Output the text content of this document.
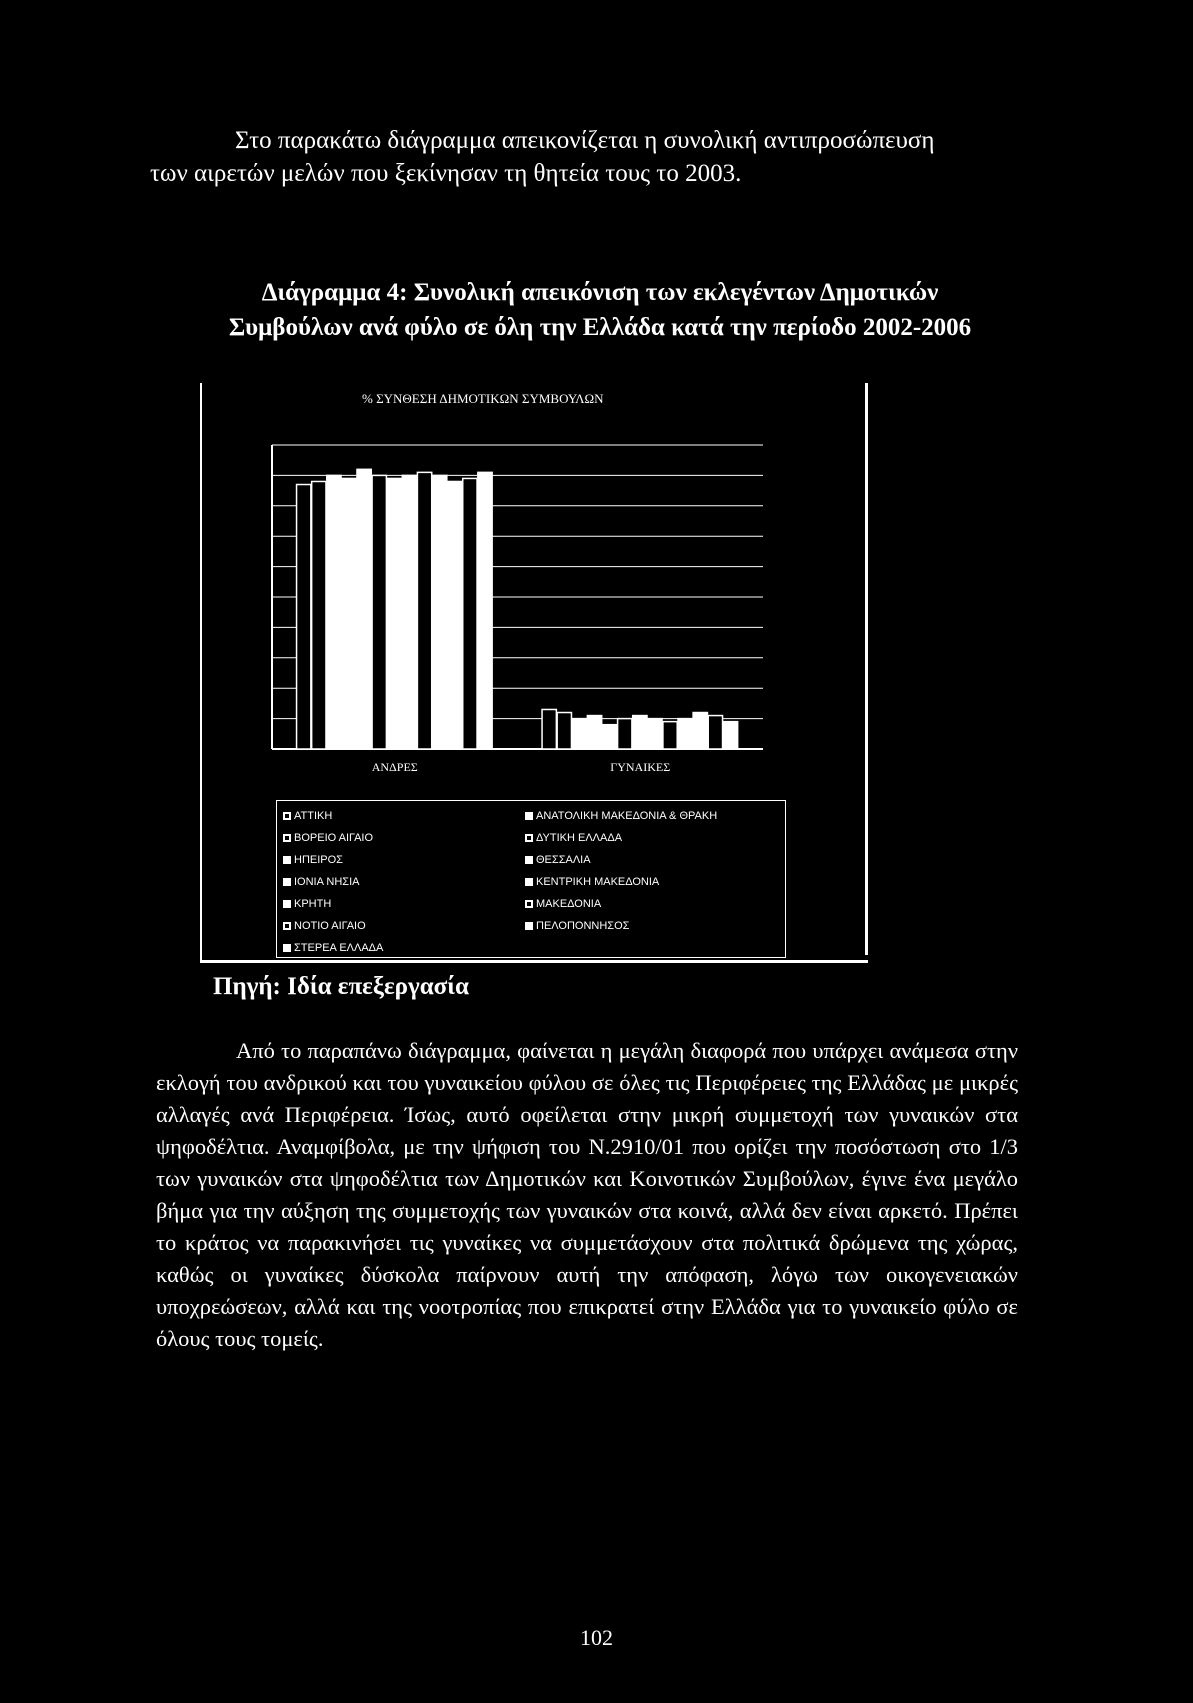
Στο παρακάτω διάγραμμα απεικονίζεται η συνολική αντιπροσώπευση
των αιρετών μελών που ξεκίνησαν τη θητεία τους το 2003.
Διάγραμμα 4: Συνολική απεικόνιση των εκλεγέντων Δημοτικών
Συμβούλων ανά φύλο σε όλη την Ελλάδα κατά την περίοδο 2002-2006
% ΣΥΝΘΕΣΗ ΔΗΜΟΤΙΚΩΝ ΣΥΜΒΟΥΛΩΝ
ΑΝΔΡΕΣ	ΓΥΝΑΙΚΕΣ
ΑΤΤΙΚΗ
ΒΟΡΕΙΟ ΑΙΓΑΙΟ
ΗΠΕΙΡΟΣ
ΙΟΝΙΑ ΝΗΣΙΑ
ΚΡΗΤΗ
ΝΟΤΙΟ ΑΙΓΑΙΟ
ΣΤΕΡΕΑ ΕΛΛΑΔΑ
ΑΝΑΤΟΛΙΚΗ ΜΑΚΕΔΟΝΙΑ & ΘΡΑΚΗ
ΔΥΤΙΚΗ ΕΛΛΑΔΑ
ΘΕΣΣΑΛΙΑ
ΚΕΝΤΡΙΚΗ ΜΑΚΕΔΟΝΙΑ
ΜΑΚΕΔΟΝΙΑ
ΠΕΛΟΠΟΝΝΗΣΟΣ
Πηγή: Ιδία επεξεργασία

Από το παραπάνω διάγραμμα, φαίνεται η μεγάλη διαφορά που υπάρχει ανάμεσα στην εκλογή του ανδρικού και του γυναικείου φύλου σε όλες τις Περιφέρειες της Ελλάδας με μικρές αλλαγές ανά Περιφέρεια. Ίσως, αυτό οφείλεται στην μικρή συμμετοχή των γυναικών στα ψηφοδέλτια. Αναμφίβολα, με την ψήφιση του Ν.2910/01 που ορίζει την ποσόστωση στο 1/3 των γυναικών στα ψηφοδέλτια των Δημοτικών και Κοινοτικών Συμβούλων, έγινε ένα μεγάλο βήμα για την αύξηση της συμμετοχής των γυναικών στα κοινά, αλλά δεν είναι αρκετό. Πρέπει το κράτος να παρακινήσει τις γυναίκες να συμμετάσχουν στα πολιτικά δρώμενα της χώρας, καθώς οι γυναίκες δύσκολα παίρνουν αυτή την απόφαση, λόγω των οικογενειακών υποχρεώσεων, αλλά και της νοοτροπίας που επικρατεί στην Ελλάδα για το γυναικείο φύλο σε όλους τους τομείς.

102
